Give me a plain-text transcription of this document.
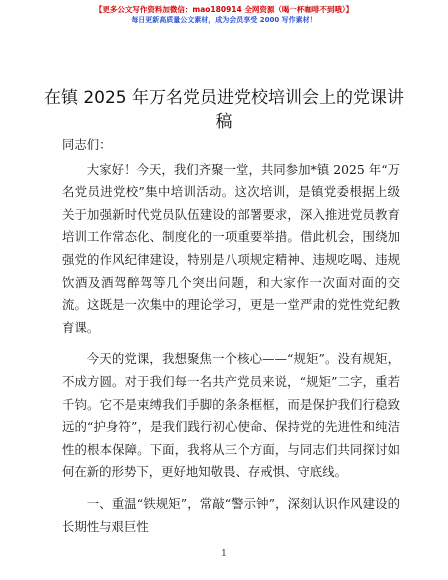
【更多公文写作资料加微信：mao180914 全网资源（喝一杯咖啡不到哦）】
每日更新高质量公文素材，成为会员享受 2000 写作素材！
在镇 2025 年万名党员进党校培训会上的党课讲稿

同志们：

大家好！今天，我们齐聚一堂，共同参加*镇 2025 年“万名党员进党校”集中培训活动。这次培训，是镇党委根据上级关于加强新时代党员队伍建设的部署要求，深入推进党员教育培训工作常态化、制度化的一项重要举措。借此机会，围绕加强党的作风纪律建设，特别是八项规定精神、违规吃喝、违规饮酒及酒驾醉驾等几个突出问题，和大家作一次面对面的交流。这既是一次集中的理论学习，更是一堂严肃的党性党纪教育课。

今天的党课，我想聚焦一个核心——“规矩”。没有规矩，不成方圆。对于我们每一名共产党员来说，“规矩”二字，重若千钧。它不是束缚我们手脚的条条框框，而是保护我们行稳致远的“护身符”，是我们践行初心使命、保持党的先进性和纯洁性的根本保障。下面，我将从三个方面，与同志们共同探讨如何在新的形势下，更好地知敬畏、存戒惧、守底线。

一、重温“铁规矩”，常敲“警示钟”，深刻认识作风建设的长期性与艰巨性

1
